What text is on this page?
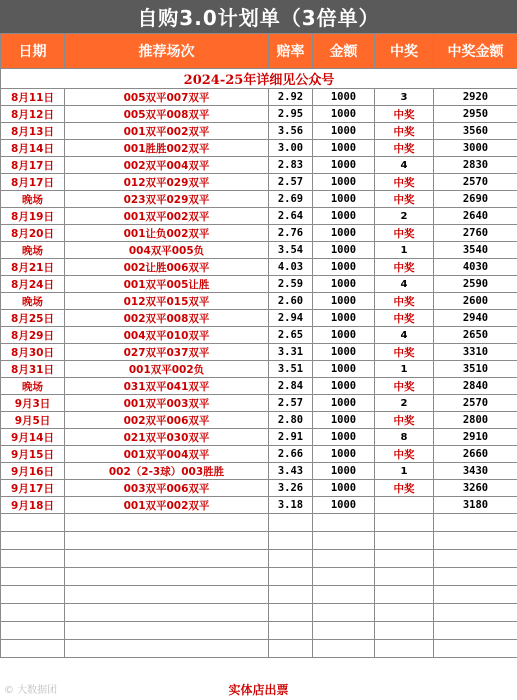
自购3.0计划单（3倍单）
日期	推荐场次	赔率	金额	中奖	中奖金额
2024-25年详细见公众号					
8月11日	005双平007双平	2.92	1000	3	2920
8月12日	005双平008双平	2.95	1000	中奖	2950
8月13日	001双平002双平	3.56	1000	中奖	3560
8月14日	001胜胜002双平	3.00	1000	中奖	3000
8月17日	002双平004双平	2.83	1000	4	2830
8月17日	012双平029双平	2.57	1000	中奖	2570
晚场	023双平029双平	2.69	1000	中奖	2690
8月19日	001双平002双平	2.64	1000	2	2640
8月20日	001让负002双平	2.76	1000	中奖	2760
晚场	004双平005负	3.54	1000	1	3540
8月21日	002让胜006双平	4.03	1000	中奖	4030
8月24日	001双平005让胜	2.59	1000	4	2590
晚场	012双平015双平	2.60	1000	中奖	2600
8月25日	002双平008双平	2.94	1000	中奖	2940
8月29日	004双平010双平	2.65	1000	4	2650
8月30日	027双平037双平	3.31	1000	中奖	3310
8月31日	001双平002负	3.51	1000	1	3510
晚场	031双平041双平	2.84	1000	中奖	2840
9月3日	001双平003双平	2.57	1000	2	2570
9月5日	002双平006双平	2.80	1000	中奖	2800
9月14日	021双平030双平	2.91	1000	8	2910
9月15日	001双平004双平	2.66	1000	中奖	2660
9月16日	002（2-3球）003胜胜	3.43	1000	1	3430
9月17日	003双平006双平	3.26	1000	中奖	3260
9月18日	001双平002双平	3.18	1000		3180

© 大数据团	实体店出票
